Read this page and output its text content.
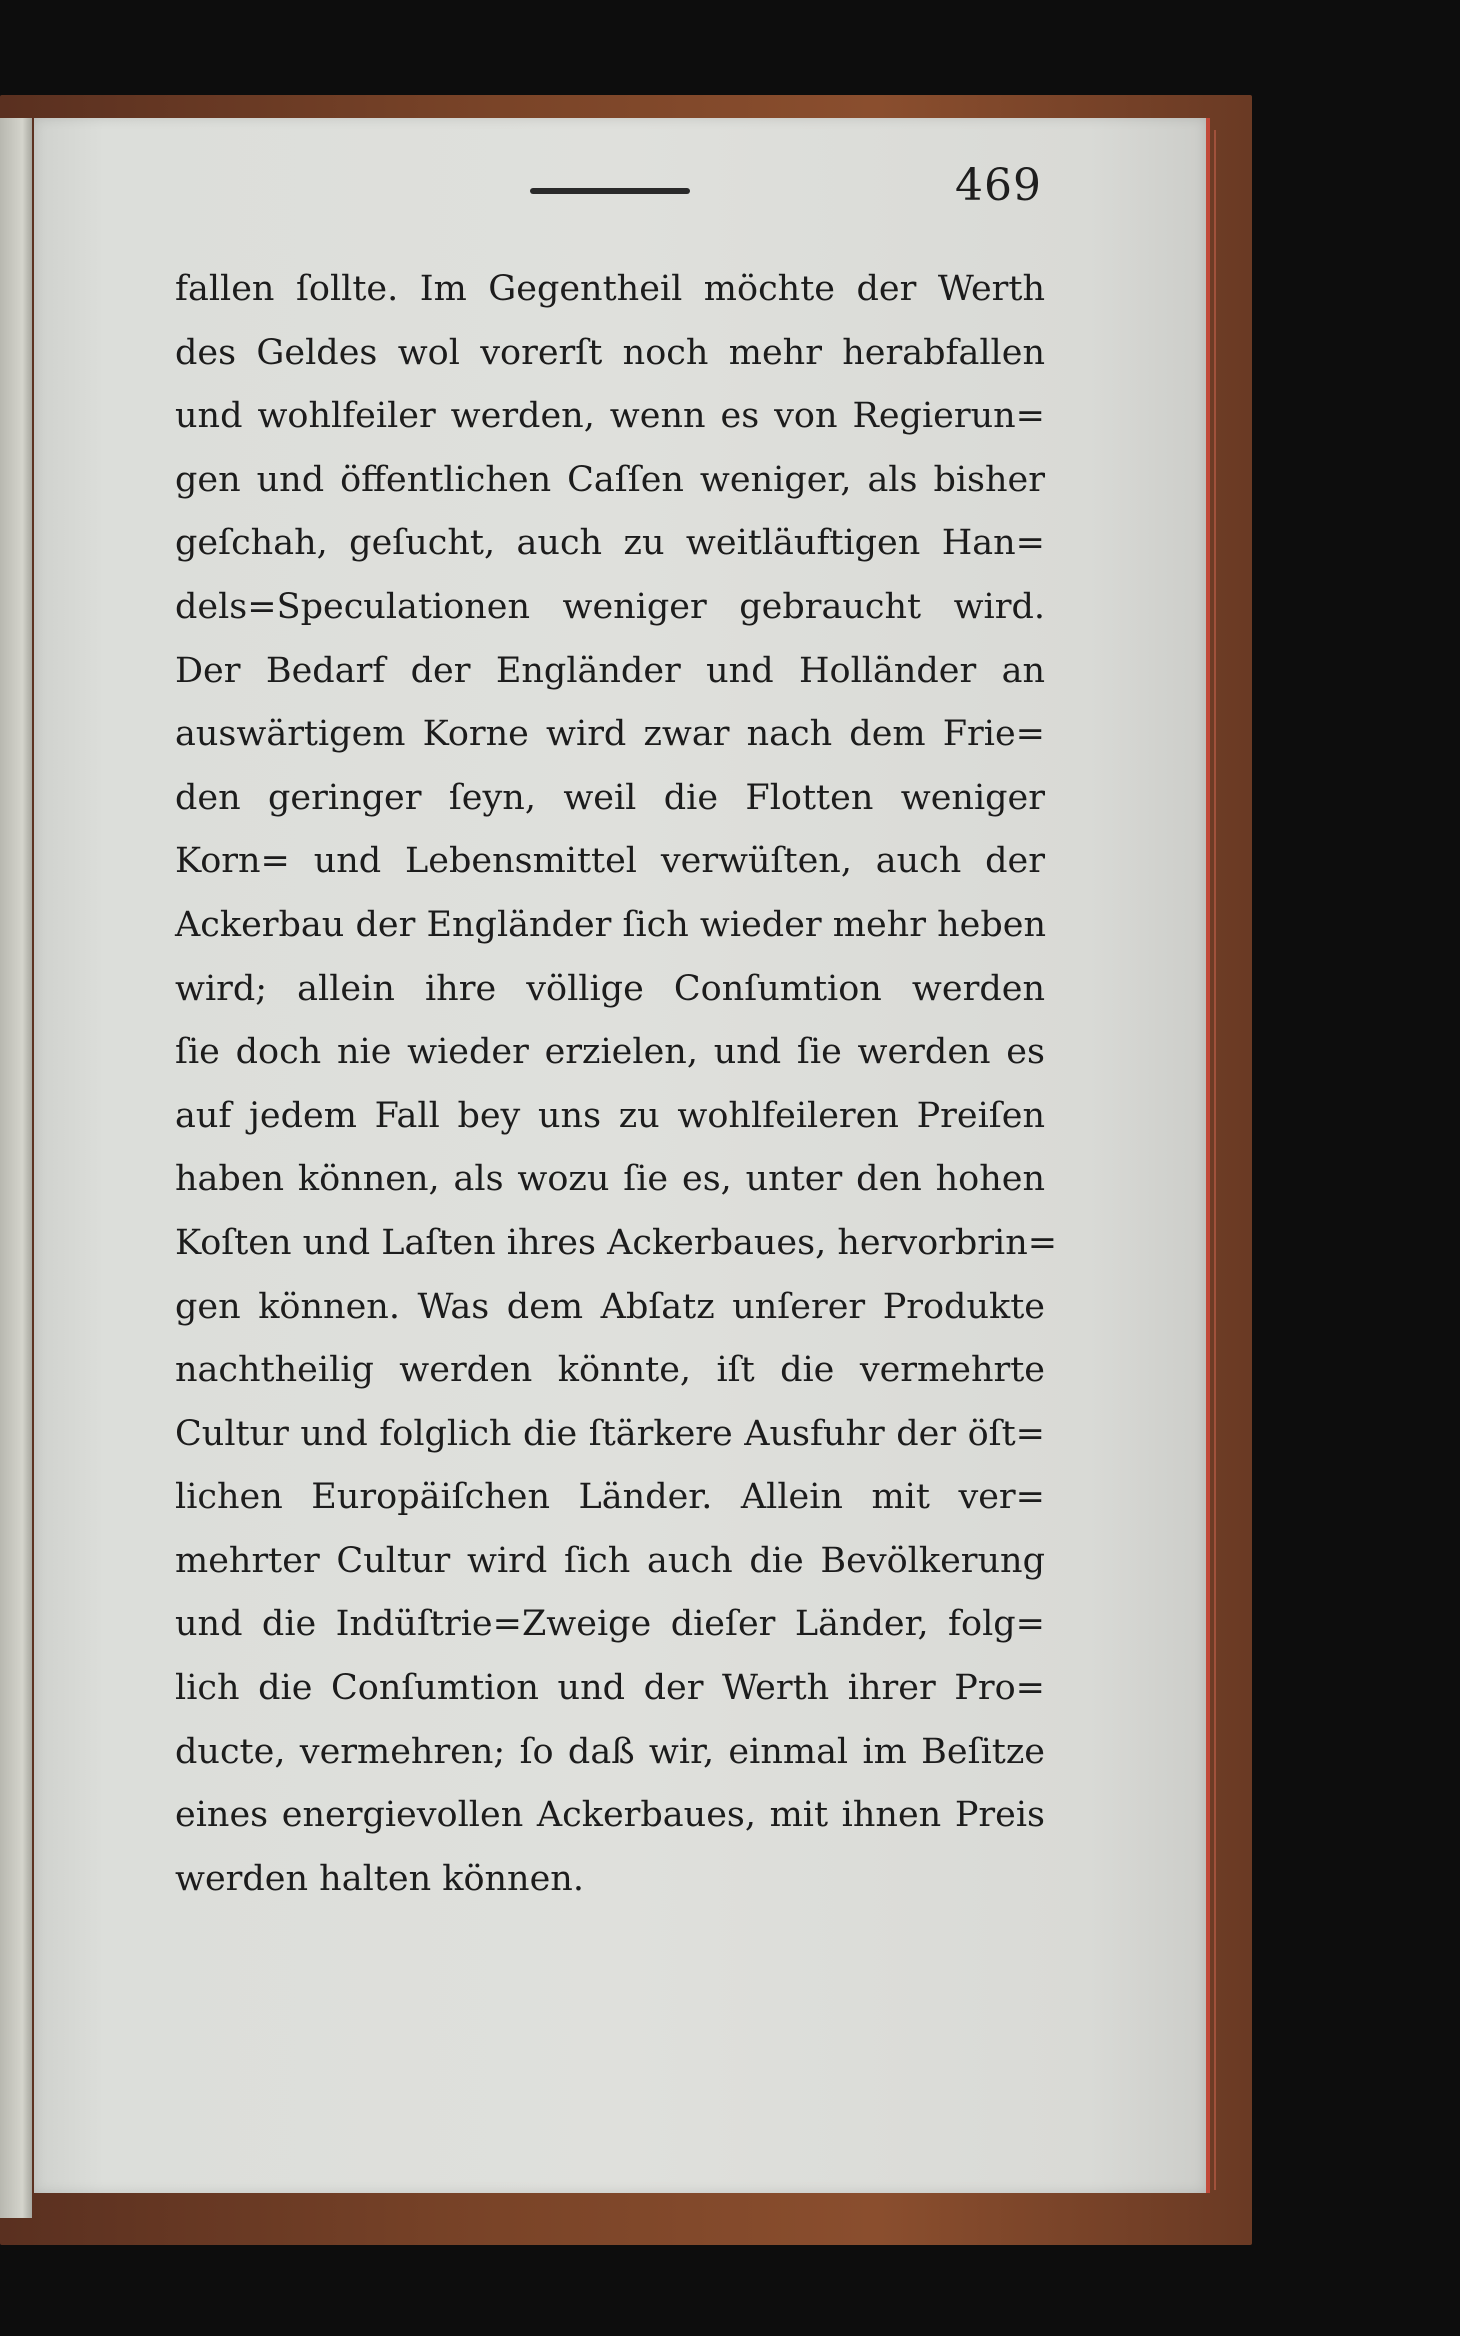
469
fallen ſollte. Im Gegentheil möchte der Werth
des Geldes wol vorerſt noch mehr herabfallen
und wohlfeiler werden, wenn es von Regierun=
gen und öffentlichen Caſſen weniger, als bisher
geſchah, geſucht, auch zu weitläuftigen Han=
dels=Speculationen weniger gebraucht wird.
Der Bedarf der Engländer und Holländer an
auswärtigem Korne wird zwar nach dem Frie=
den geringer ſeyn, weil die Flotten weniger
Korn= und Lebensmittel verwüſten, auch der
Ackerbau der Engländer ſich wieder mehr heben
wird; allein ihre völlige Conſumtion werden
ſie doch nie wieder erzielen, und ſie werden es
auf jedem Fall bey uns zu wohlfeileren Preiſen
haben können, als wozu ſie es, unter den hohen
Koſten und Laſten ihres Ackerbaues, hervorbrin=
gen können. Was dem Abſatz unſerer Produkte
nachtheilig werden könnte, iſt die vermehrte
Cultur und folglich die ſtärkere Ausfuhr der öſt=
lichen Europäiſchen Länder. Allein mit ver=
mehrter Cultur wird ſich auch die Bevölkerung
und die Indüſtrie=Zweige dieſer Länder, folg=
lich die Conſumtion und der Werth ihrer Pro=
ducte, vermehren; ſo daß wir, einmal im Beſitze
eines energievollen Ackerbaues, mit ihnen Preis
werden halten können.
